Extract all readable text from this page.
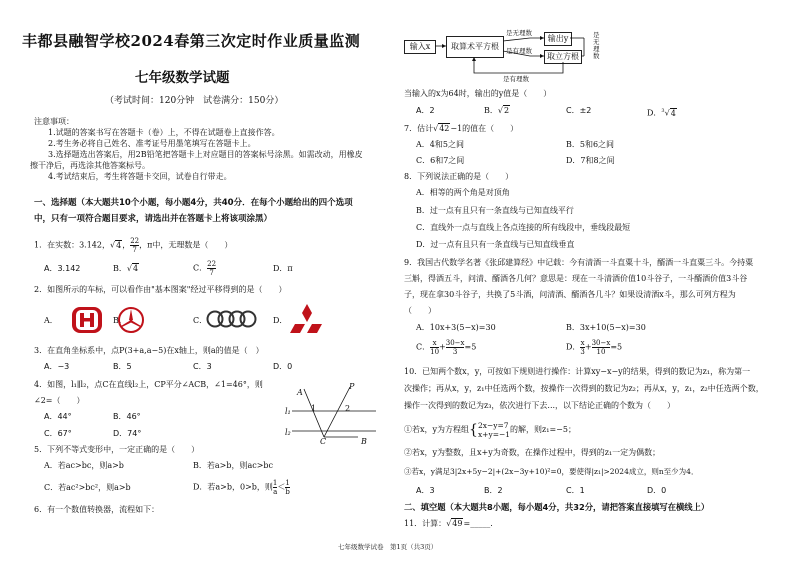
丰都县融智学校2024春第三次定时作业质量监测
七年级数学试题
（考试时间：120分钟　试卷满分：150分）
注意事项：
1.试题的答案书写在答题卡（卷）上，不得在试题卷上直接作答。
2.考生务必将自己姓名、准考证号用墨笔填写在答题卡上。
3.选择题选出答案后，用2B铅笔把答题卡上对应题目的答案标号涂黑。如需改动，用橡皮
擦干净后，再选涂其他答案标号。
4.考试结束后，考生将答题卡交回，试卷自行带走。
一、选择题（本大题共10个小题，每小题4分，共40分．在每个小题给出的四个选项
中，只有一项符合题目要求，请选出并在答题卡上将该项涂黑）
1．在实数：3.142，√4， $\frac{22}{7}$ ，π中，无理数是（　　）
A．3.142	B．√4	C． $\frac{22}{7}$	D．π
2．如图所示的车标，可以看作由"基本图案"经过平移得到的是（　　）
A．	B．	C．	D．
3．在直角坐标系中，点P(3+a,a−5)在x轴上，则a的值是（　）
A．−3	B．5	C．3	D．0
4．如图，l₁∥l₂，点C在直线l₂上，CP平分∠ACB，∠1=46°，则
∠2=（　　）
A．44°	B．46°
C．67°	D．74°
A
P
l₁
l₂
1	2
C	B
5．下列不等式变形中，一定正确的是（　　）
A．若ac>bc，则a>b	B．若a>b，则ac>bc
C．若ac²>bc²，则a>b	D．若a>b，0>b，则 $\frac{1}{a} < \frac{1}{b}$
6．有一个数值转换器，流程如下：
输入x	取算术平方根
输出y
取立方根
是无理数
是有理数
是有理数
是无理数
当输入的x为64时，输出的y值是（　　）
A．2	B．√2	C．±2	D．$^3$√4
7．估计√42−1的值在（　　）
A．4和5之间	B．5和6之间
C．6和7之间	D．7和8之间
8．下列说法正确的是（　　）
A．相等的两个角是对顶角
B．过一点有且只有一条直线与已知直线平行
C．直线外一点与直线上各点连接的所有线段中，垂线段最短
D．过一点有且只有一条直线与已知直线垂直
9．我国古代数学名著《张邱建算经》中记载：今有清酒一斗直粟十斗，醑酒一斗直粟三斗。今持粟
三斛，得酒五斗，问清、醑酒各几何？意思是：现在一斗清酒价值10斗谷子，一斗醑酒价值3斗谷
子，现在拿30斗谷子，共换了5斗酒，问清酒、醑酒各几斗？如果设清酒x斗，那么可列方程为
（　　）
A．10x+3(5−x)=30	B．3x+10(5−x)=30
C． $\frac{x}{10} + \frac{30-x}{3} =5$	D． $\frac{x}{3} + \frac{30-x}{10} =5$
10．已知两个数x，y，可按如下规则进行操作：计算xy−x−y的结果，得到的数记为z₁，称为第一
次操作；再从x，y，z₁中任选两个数，按操作一次得到的数记为z₂；再从x，y，z₁，z₂中任选两个数，
操作一次得到的数记为z₃，依次进行下去...，以下结论正确的个数为（　　）
①若x，y为方程组{ 2x−y=7
x+y=−1
的解，则z₁=−5；
②若x，y为整数，且x+y为奇数，在操作过程中，得到的z₁一定为偶数；
③若x，y满足3|2x+5y−2|+(2x−3y+10)²=0，要使得|z₁|>2024成立，则n至少为4．
A．3	B．2	C．1	D．0
二、填空题（本大题共8小题，每小题4分，共32分，请把答案直接填写在横线上）
11．计算：√49=_____.
七年级数学试卷　第1页（共3页）
